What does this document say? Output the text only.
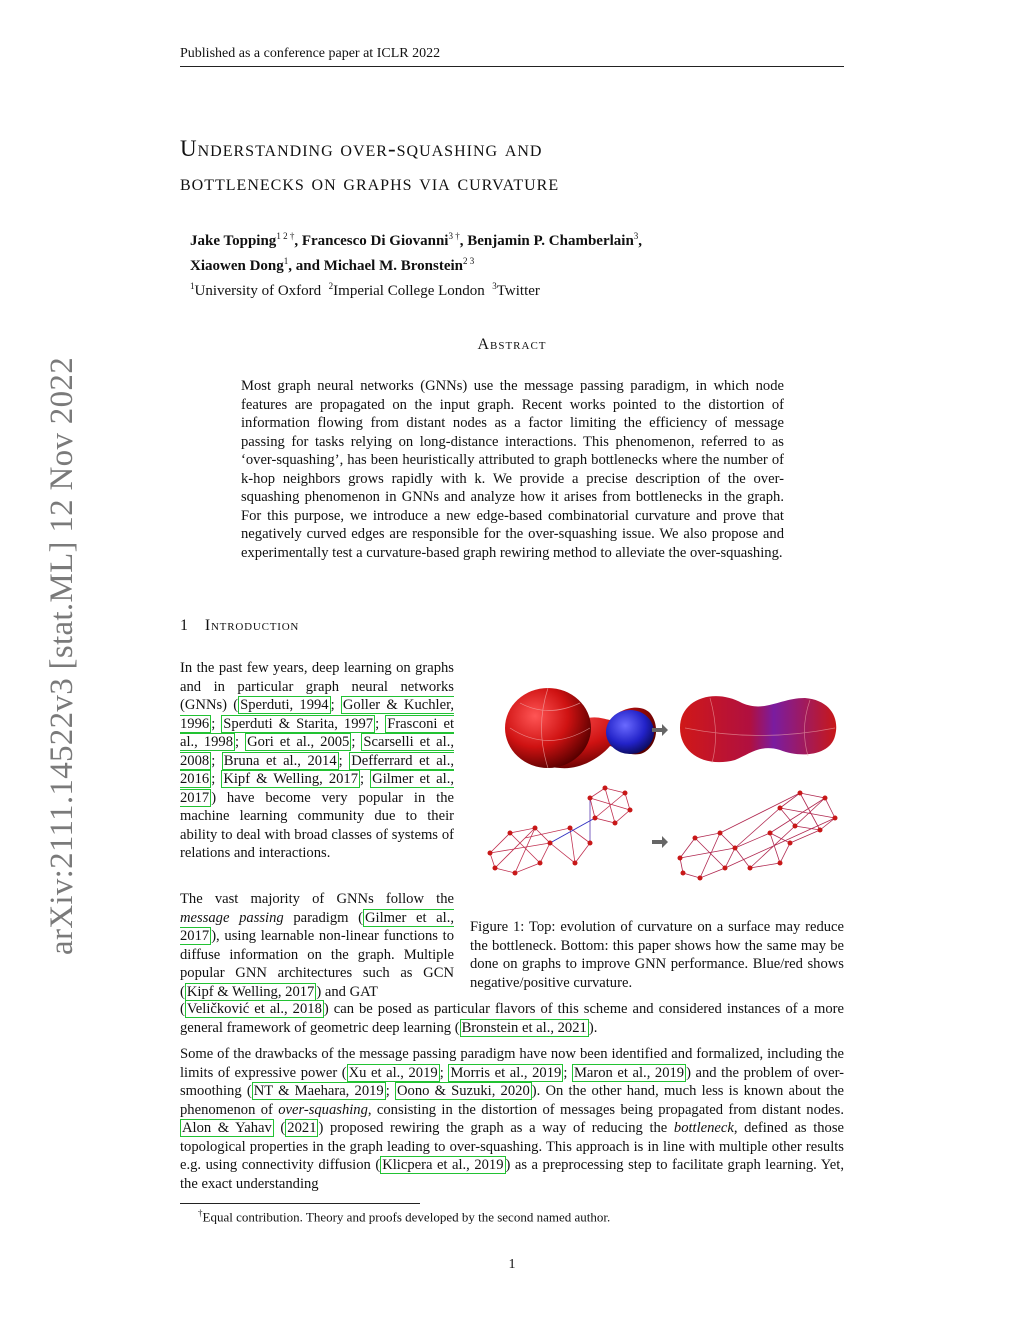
Published as a conference paper at ICLR 2022
arXiv:2111.14522v3 [stat.ML] 12 Nov 2022
Understanding over-squashing and
bottlenecks on graphs via curvature
Jake Topping$^{1 2 \dagger}$, Francesco Di Giovanni$^{3 \dagger}$, Benjamin P. Chamberlain$^3$,
Xiaowen Dong$^1$, and Michael M. Bronstein$^{2 3}$
$^1$University of Oxford $^2$Imperial College London $^3$Twitter
Abstract
Most graph neural networks (GNNs) use the message passing paradigm, in which node features are propagated on the input graph. Recent works pointed to the distortion of information flowing from distant nodes as a factor limiting the efficiency of message passing for tasks relying on long-distance interactions. This phenomenon, referred to as ‘over-squashing’, has been heuristically attributed to graph bottlenecks where the number of k-hop neighbors grows rapidly with k. We provide a precise description of the over-squashing phenomenon in GNNs and analyze how it arises from bottlenecks in the graph. For this purpose, we introduce a new edge-based combinatorial curvature and prove that negatively curved edges are responsible for the over-squashing issue. We also propose and experimentally test a curvature-based graph rewiring method to alleviate the over-squashing.
1 Introduction
In the past few years, deep learning on graphs and in particular graph neural networks (GNNs) ( Sperduti, 1994 ; Goller & Kuchler, 1996 ; Sperduti & Starita, 1997 ; Frasconi et al., 1998 ; Gori et al., 2005 ; Scarselli et al., 2008 ; Bruna et al., 2014 ; Defferrard et al., 2016 ; Kipf & Welling, 2017 ; Gilmer et al., 2017 ) have become very popular in the machine learning community due to their ability to deal with broad classes of systems of relations and interactions.
The vast majority of GNNs follow the message passing paradigm ( Gilmer et al., 2017 ), using learnable non-linear functions to diffuse information on the graph. Multiple popular GNN architectures such as GCN ( Kipf & Welling, 2017 ) and GAT
( Veličković et al., 2018 ) can be posed as particular flavors of this scheme and considered instances of a more general framework of geometric deep learning ( Bronstein et al., 2021 ).
Figure 1: Top: evolution of curvature on a surface may reduce the bottleneck. Bottom: this paper shows how the same may be done on graphs to improve GNN performance. Blue/red shows negative/positive curvature.
Some of the drawbacks of the message passing paradigm have now been identified and formalized, including the limits of expressive power ( Xu et al., 2019 ; Morris et al., 2019 ; Maron et al., 2019 ) and the problem of over-smoothing ( NT & Maehara, 2019 ; Oono & Suzuki, 2020 ). On the other hand, much less is known about the phenomenon of over-squashing, consisting in the distortion of messages being propagated from distant nodes. Alon & Yahav ( 2021 ) proposed rewiring the graph as a way of reducing the bottleneck, defined as those topological properties in the graph leading to over-squashing. This approach is in line with multiple other results e.g. using connectivity diffusion ( Klicpera et al., 2019 ) as a preprocessing step to facilitate graph learning. Yet, the exact understanding
†Equal contribution. Theory and proofs developed by the second named author.
1
